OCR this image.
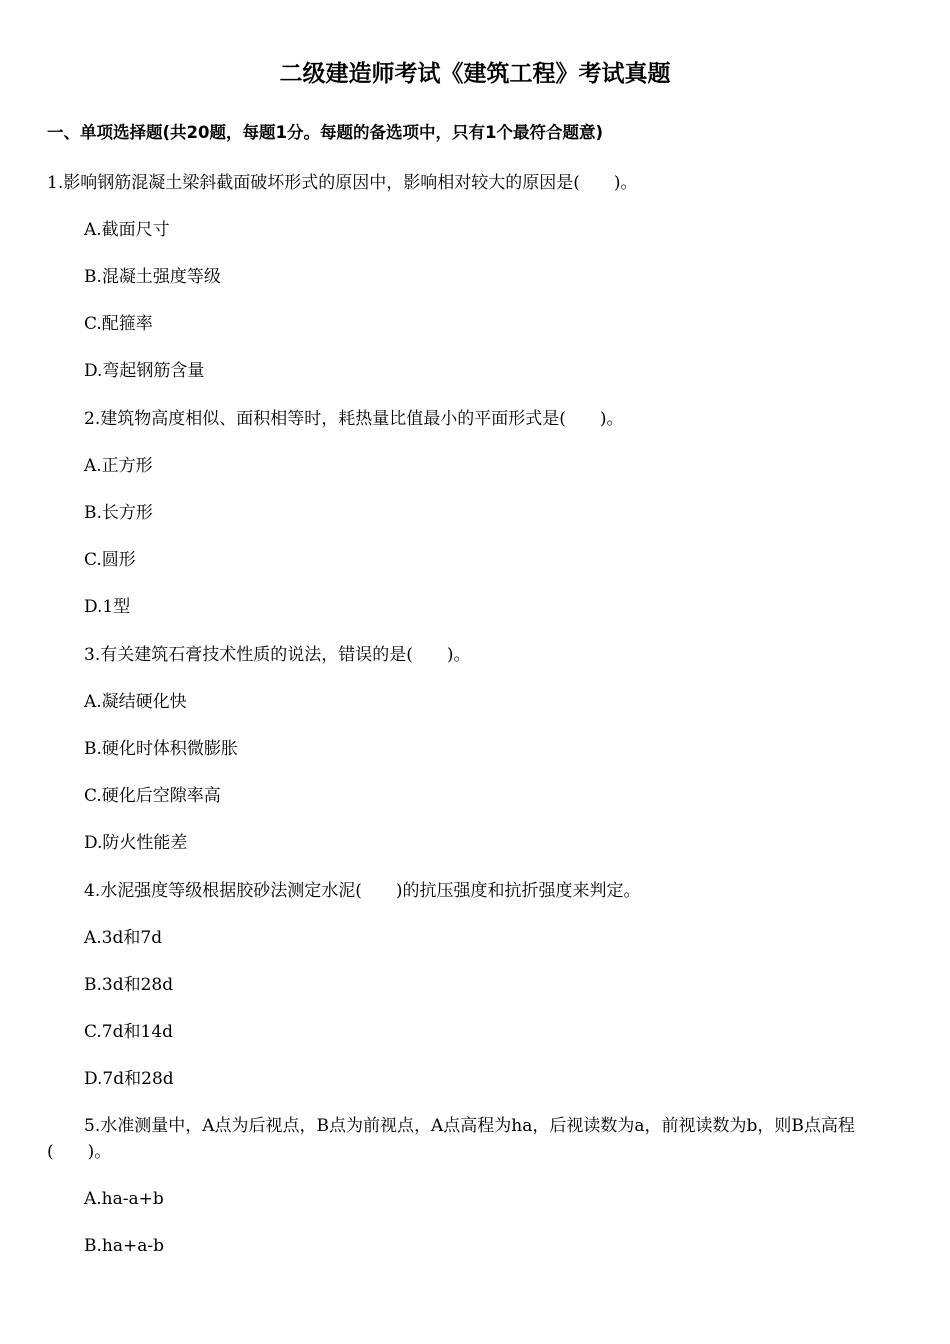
二级建造师考试《建筑工程》考试真题
一、单项选择题(共20题，每题1分。每题的备选项中，只有1个最符合题意)
1.影响钢筋混凝土梁斜截面破坏形式的原因中，影响相对较大的原因是(　　)。
A.截面尺寸
B.混凝土强度等级
C.配箍率
D.弯起钢筋含量
2.建筑物高度相似、面积相等时，耗热量比值最小的平面形式是(　　)。
A.正方形
B.长方形
C.圆形
D.1型
3.有关建筑石膏技术性质的说法，错误的是(　　)。
A.凝结硬化快
B.硬化时体积微膨胀
C.硬化后空隙率高
D.防火性能差
4.水泥强度等级根据胶砂法测定水泥(　　)的抗压强度和抗折强度来判定。
A.3d和7d
B.3d和28d
C.7d和14d
D.7d和28d
5.水准测量中，A点为后视点，B点为前视点，A点高程为ha，后视读数为a，前视读数为b，则B点高程(　　)。
A.ha-a+b
B.ha+a-b
